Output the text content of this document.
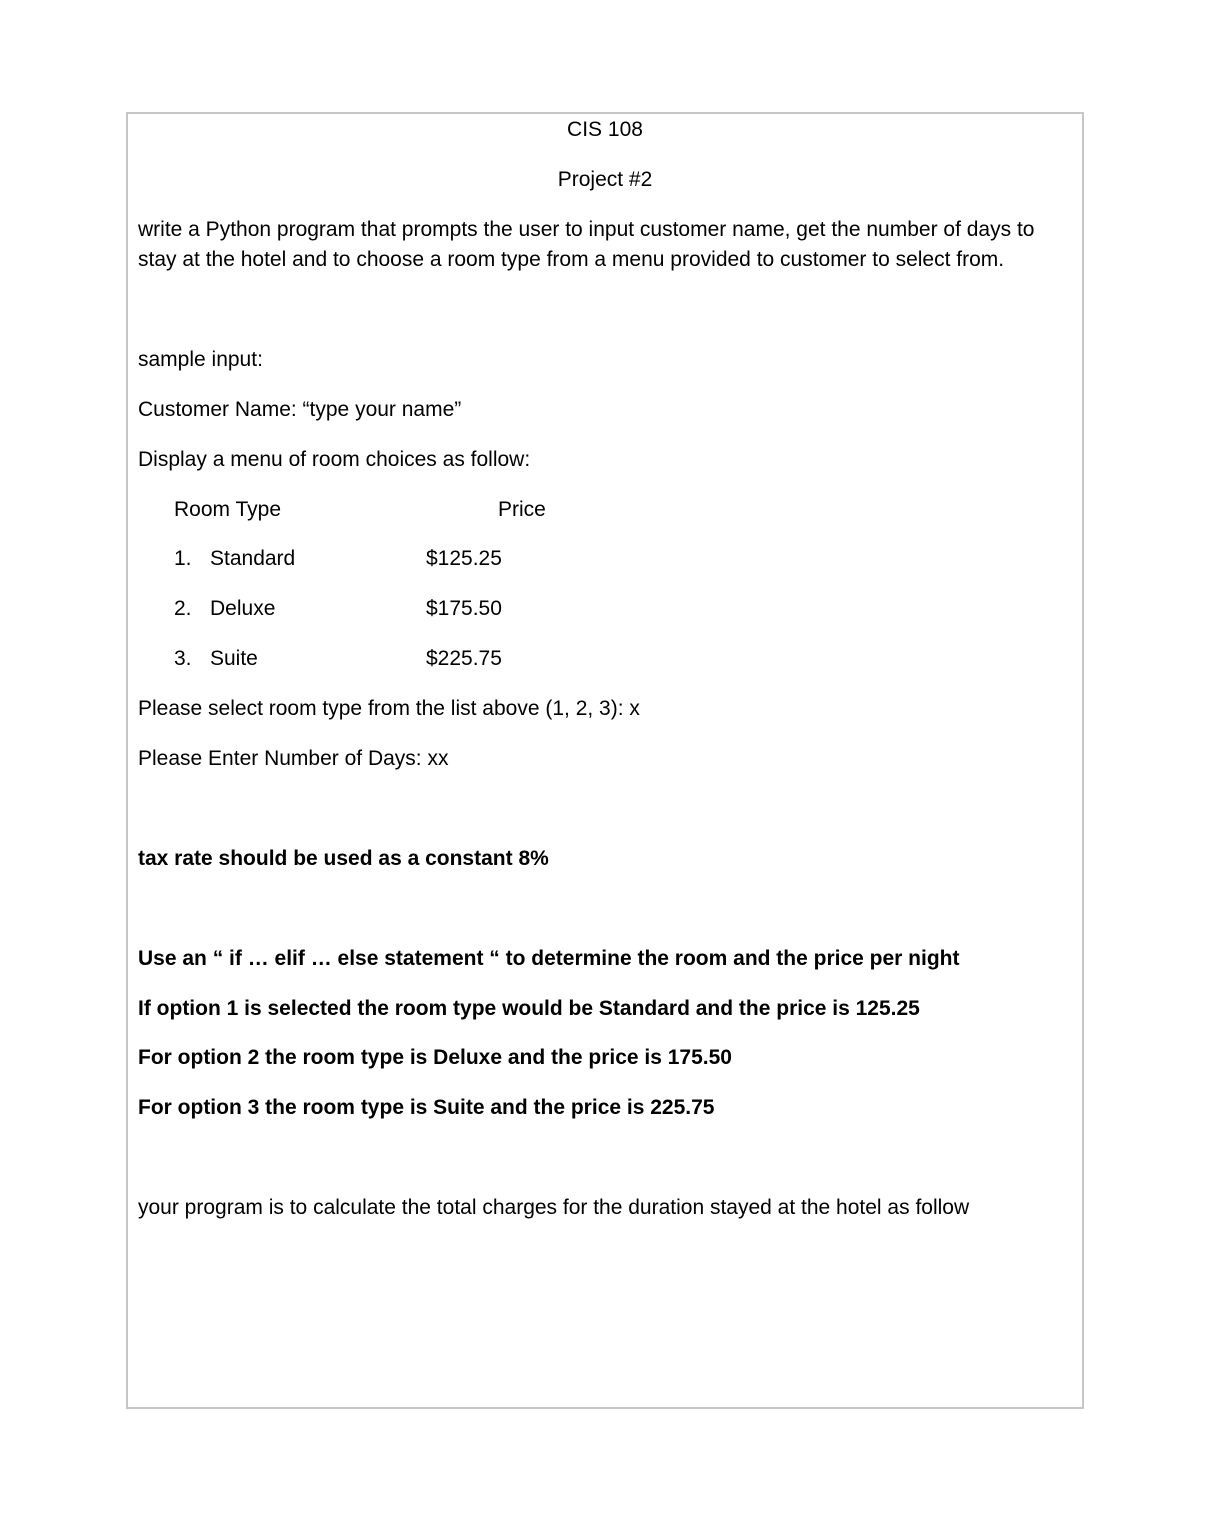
CIS 108
Project #2
write a Python program that prompts the user to input customer name, get the number of days to stay at the hotel and to choose a room type from a menu provided to customer to select from.
sample input:
Customer Name: “type your name”
Display a menu of room choices as follow:
Room Type	Price
1. Standard	$125.25
2. Deluxe	$175.50
3. Suite	$225.75
Please select room type from the list above (1, 2, 3): x
Please Enter Number of Days: xx
tax rate should be used as a constant 8%
Use an “ if … elif … else statement “ to determine the room and the price per night
If option 1 is selected the room type would be Standard and the price is 125.25
For option 2 the room type is Deluxe and the price is 175.50
For option 3 the room type is Suite and the price is 225.75
your program is to calculate the total charges for the duration stayed at the hotel as follow
